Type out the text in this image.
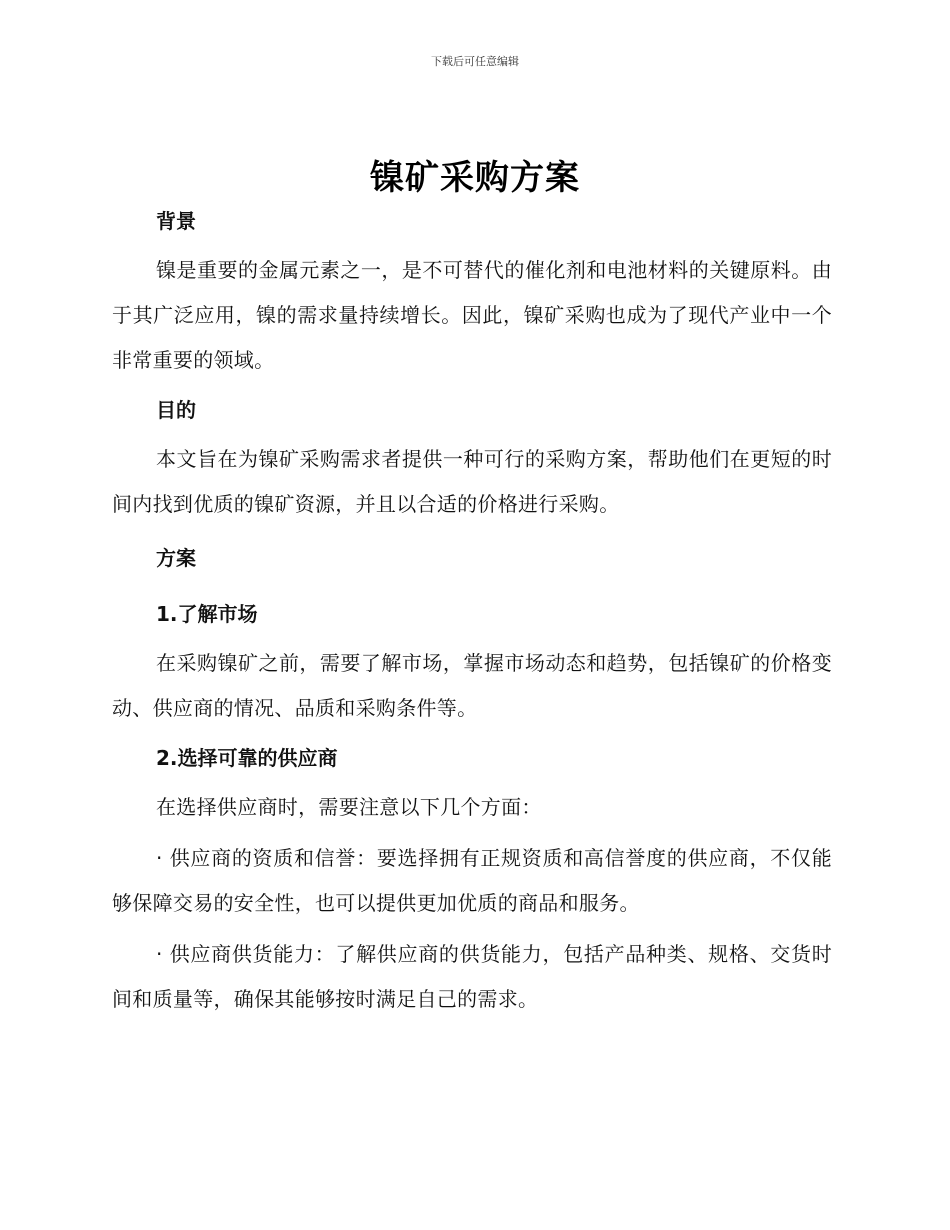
下载后可任意编辑
镍矿采购方案

背景

镍是重要的金属元素之一，是不可替代的催化剂和电池材料的关键原料。由于其广泛应用，镍的需求量持续增长。因此，镍矿采购也成为了现代产业中一个非常重要的领域。

目的

本文旨在为镍矿采购需求者提供一种可行的采购方案，帮助他们在更短的时间内找到优质的镍矿资源，并且以合适的价格进行采购。

方案

1.了解市场

在采购镍矿之前，需要了解市场，掌握市场动态和趋势，包括镍矿的价格变动、供应商的情况、品质和采购条件等。

2.选择可靠的供应商

在选择供应商时，需要注意以下几个方面：

· 供应商的资质和信誉：要选择拥有正规资质和高信誉度的供应商，不仅能够保障交易的安全性，也可以提供更加优质的商品和服务。

· 供应商供货能力：了解供应商的供货能力，包括产品种类、规格、交货时间和质量等，确保其能够按时满足自己的需求。
